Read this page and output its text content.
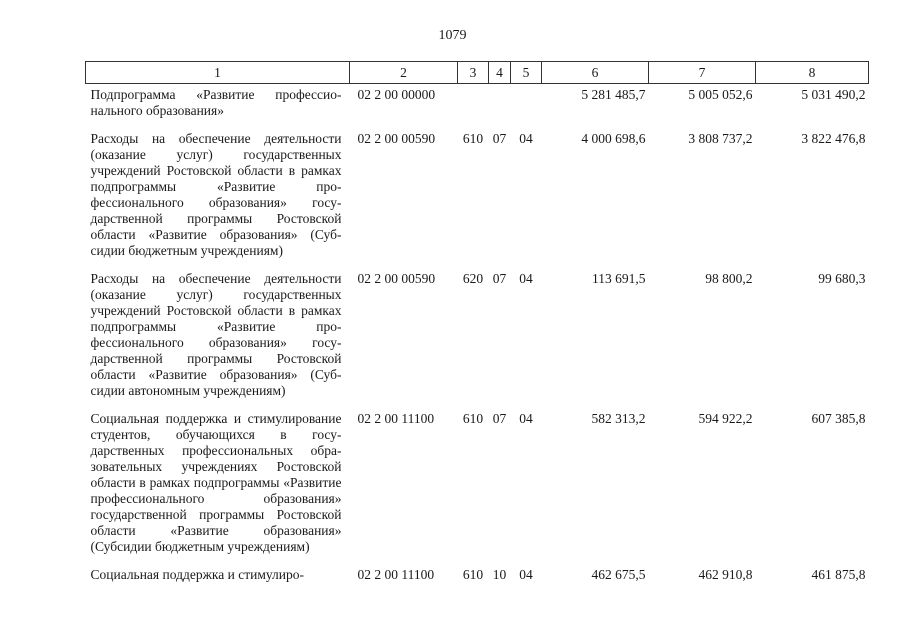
1079
1	2	3	4	5	6	7	8
Подпрограмма «Развитие профессионального образования»	02 2 00 00000				5 281 485,7	5 005 052,6	5 031 490,2
Расходы на обеспечение деятельности (оказание услуг) государственных учреждений Ростовской области в рамках подпрограммы «Развитие профессионального образования» государственной программы Ростовской области «Развитие образования» (Субсидии бюджетным учреждениям)	02 2 00 00590	610	07	04	4 000 698,6	3 808 737,2	3 822 476,8
Расходы на обеспечение деятельности (оказание услуг) государственных учреждений Ростовской области в рамках подпрограммы «Развитие профессионального образования» государственной программы Ростовской области «Развитие образования» (Субсидии автономным учреждениям)	02 2 00 00590	620	07	04	113 691,5	98 800,2	99 680,3
Социальная поддержка и стимулирование студентов, обучающихся в государственных профессиональных образовательных учреждениях Ростовской области в рамках подпрограммы «Развитие профессионального образования» государственной программы Ростовской области «Развитие образования» (Субсидии бюджетным учреждениям)	02 2 00 11100	610	07	04	582 313,2	594 922,2	607 385,8
Социальная поддержка и стимулиро-	02 2 00 11100	610	10	04	462 675,5	462 910,8	461 875,8
